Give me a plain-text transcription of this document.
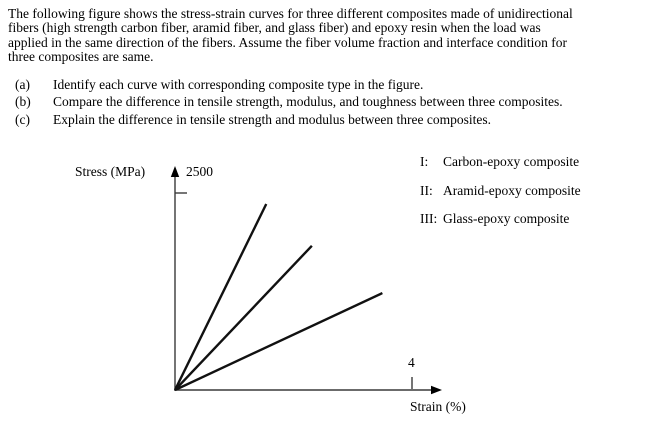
The following figure shows the stress-strain curves for three different composites made of unidirectional
fibers (high strength carbon fiber, aramid fiber, and glass fiber) and epoxy resin when the load was
applied in the same direction of the fibers. Assume the fiber volume fraction and interface condition for
three composites are same.
(a)	Identify each curve with corresponding composite type in the figure.
(b)	Compare the difference in tensile strength, modulus, and toughness between three composites.
(c)	Explain the difference in tensile strength and modulus between three composites.
Stress (MPa)	2500
4
Strain (%)
I:	Carbon-epoxy composite
II: Aramid-epoxy composite
III: Glass-epoxy composite
